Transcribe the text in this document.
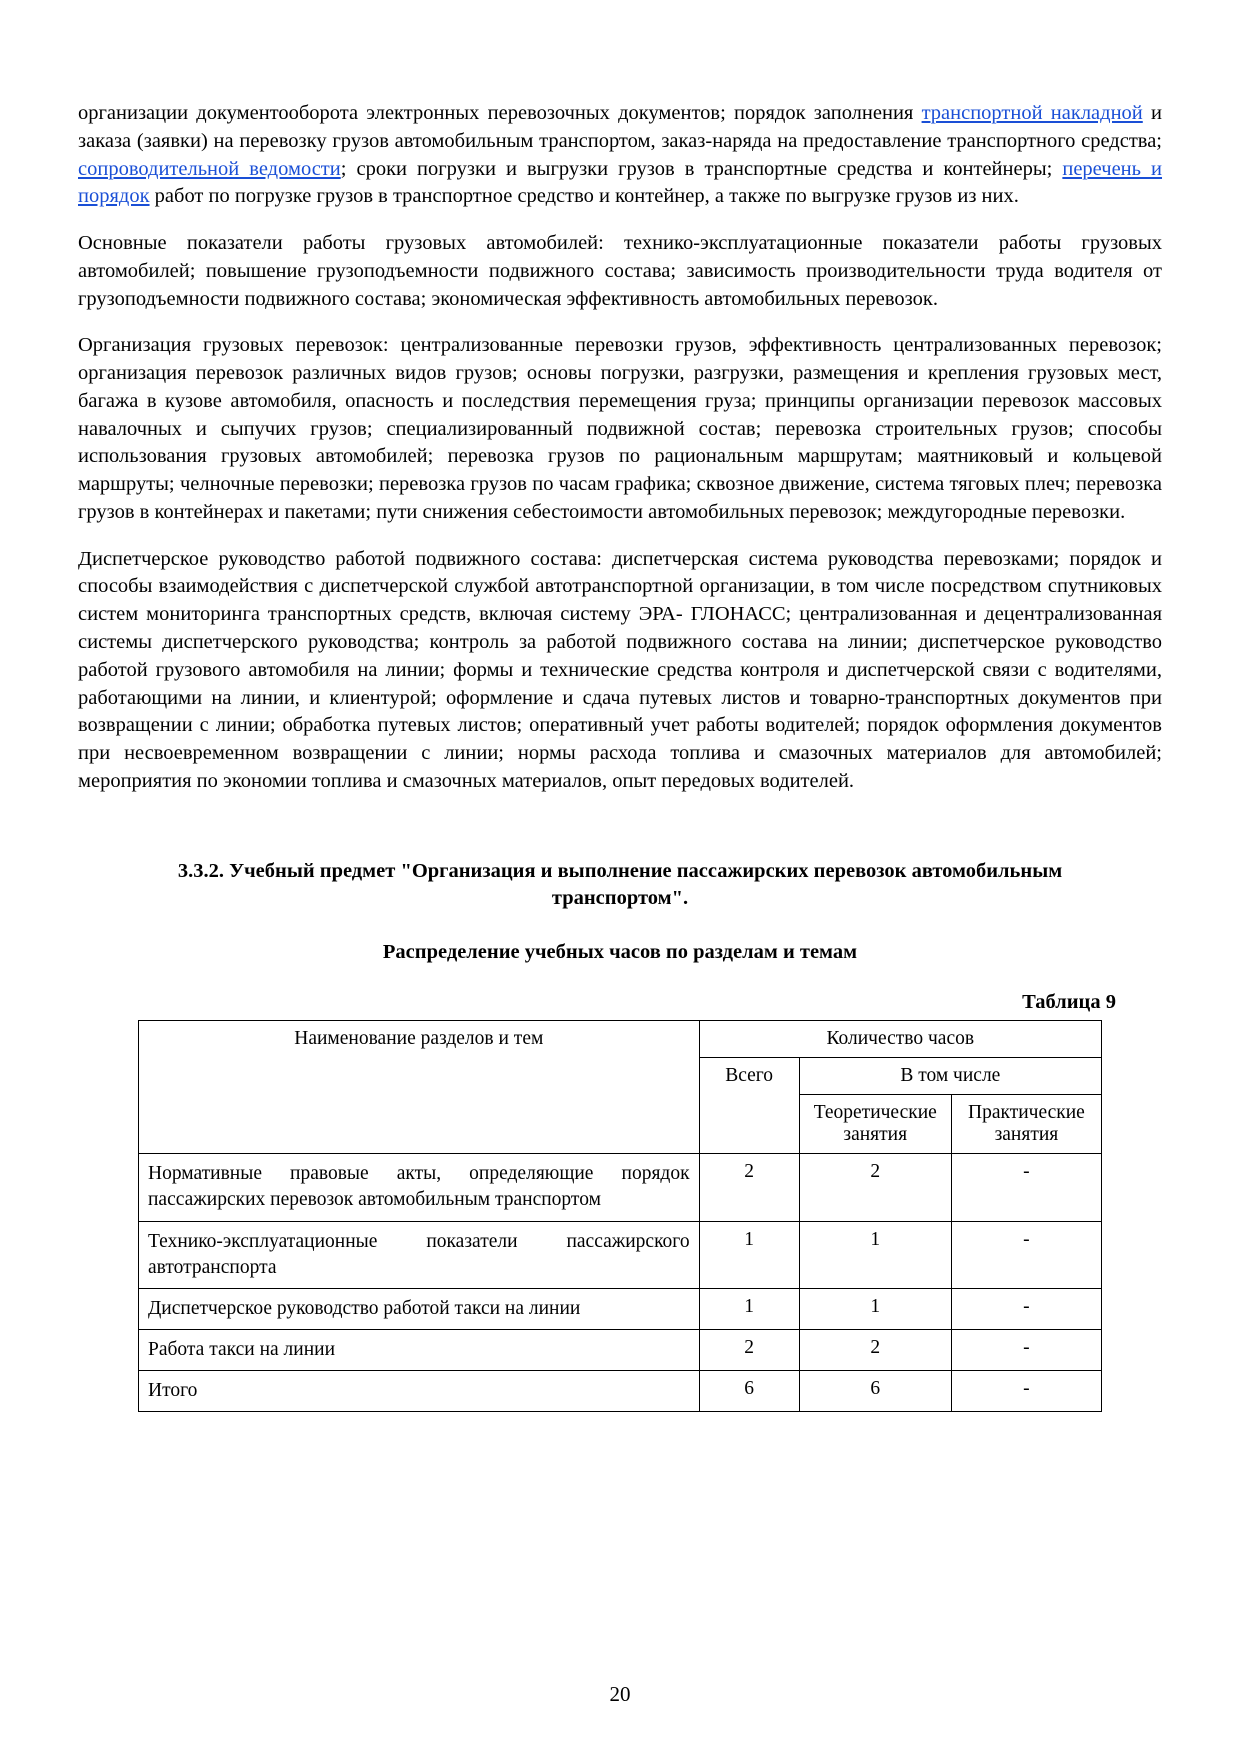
организации документооборота электронных перевозочных документов; порядок заполнения транспортной накладной и заказа (заявки) на перевозку грузов автомобильным транспортом, заказ-наряда на предоставление транспортного средства; сопроводительной ведомости; сроки погрузки и выгрузки грузов в транспортные средства и контейнеры; перечень и порядок работ по погрузке грузов в транспортное средство и контейнер, а также по выгрузке грузов из них.

Основные показатели работы грузовых автомобилей: технико-эксплуатационные показатели работы грузовых автомобилей; повышение грузоподъемности подвижного состава; зависимость производительности труда водителя от грузоподъемности подвижного состава; экономическая эффективность автомобильных перевозок.

Организация грузовых перевозок: централизованные перевозки грузов, эффективность централизованных перевозок; организация перевозок различных видов грузов; основы погрузки, разгрузки, размещения и крепления грузовых мест, багажа в кузове автомобиля, опасность и последствия перемещения груза; принципы организации перевозок массовых навалочных и сыпучих грузов; специализированный подвижной состав; перевозка строительных грузов; способы использования грузовых автомобилей; перевозка грузов по рациональным маршрутам; маятниковый и кольцевой маршруты; челночные перевозки; перевозка грузов по часам графика; сквозное движение, система тяговых плеч; перевозка грузов в контейнерах и пакетами; пути снижения себестоимости автомобильных перевозок; междугородные перевозки.

Диспетчерское руководство работой подвижного состава: диспетчерская система руководства перевозками; порядок и способы взаимодействия с диспетчерской службой автотранспортной организации, в том числе посредством спутниковых систем мониторинга транспортных средств, включая систему ЭРА- ГЛОНАСС; централизованная и децентрализованная системы диспетчерского руководства; контроль за работой подвижного состава на линии; диспетчерское руководство работой грузового автомобиля на линии; формы и технические средства контроля и диспетчерской связи с водителями, работающими на линии, и клиентурой; оформление и сдача путевых листов и товарно-транспортных документов при возвращении с линии; обработка путевых листов; оперативный учет работы водителей; порядок оформления документов при несвоевременном возвращении с линии; нормы расхода топлива и смазочных материалов для автомобилей; мероприятия по экономии топлива и смазочных материалов, опыт передовых водителей.

3.3.2. Учебный предмет "Организация и выполнение пассажирских перевозок автомобильным транспортом".
Распределение учебных часов по разделам и темам
Таблица 9
Наименование разделов и тем	Количество часов		
	Всего	В том числе	
		Теоретические занятия	Практические занятия
Нормативные правовые акты, определяющие порядок пассажирских перевозок автомобильным транспортом	2	2	-
Технико-эксплуатационные показатели пассажирского автотранспорта	1	1	-
Диспетчерское руководство работой такси на линии	1	1	-
Работа такси на линии	2	2	-
Итого	6	6	-
20
